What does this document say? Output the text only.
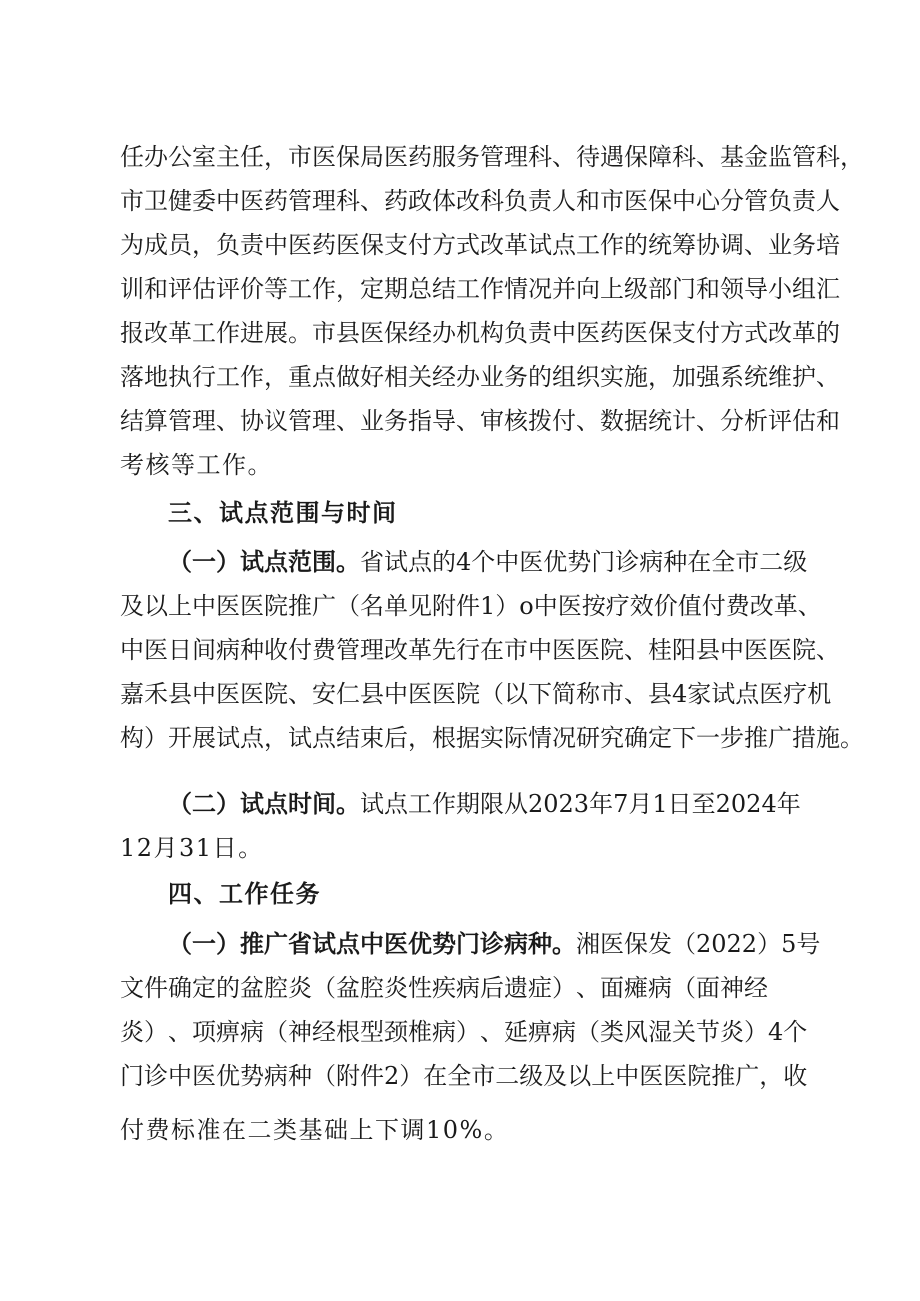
任 办 公 室 主 任 ， 市 医 保 局 医 药 服 务 管 理 科 、 待 遇 保 障 科 、 基 金 监 管 科 ，
市 卫 健 委 中 医 药 管 理 科 、 药 政 体 改 科 负 责 人 和 市 医 保 中 心 分 管 负 责 人
为 成 员 ， 负 责 中 医 药 医 保 支 付 方 式 改 革 试 点 工 作 的 统 筹 协 调 、 业 务 培
训 和 评 估 评 价 等 工 作 ， 定 期 总 结 工 作 情 况 并 向 上 级 部 门 和 领 导 小 组 汇
报 改 革 工 作 进 展 。 市 县 医 保 经 办 机 构 负 责 中 医 药 医 保 支 付 方 式 改 革 的
落 地 执 行 工 作 ， 重 点 做 好 相 关 经 办 业 务 的 组 织 实 施 ， 加 强 系 统 维 护 、
结 算 管 理 、 协 议 管 理 、 业 务 指 导 、 审 核 拨 付 、 数 据 统 计 、 分 析 评 估 和
考核等工作。
三、试点范围与时间
（一）试点范围。 省 试 点 的 4 个 中 医 优 势 门 诊 病 种 在 全 市 二 级
及 以 上 中 医 医 院 推 广 （ 名 单 见 附 件 1 ） o 中 医 按 疗 效 价 值 付 费 改 革 、
中 医 日 间 病 种 收 付 费 管 理 改 革 先 行 在 市 中 医 医 院 、 桂 阳 县 中 医 医 院 、
嘉 禾 县 中 医 医 院 、 安 仁 县 中 医 医 院 （ 以 下 简 称 市 、 县 4 家 试 点 医 疗 机
构 ） 开 展 试 点 ， 试 点 结 束 后 ， 根 据 实 际 情 况 研 究 确 定 下 一 步 推 广 措 施 。
（二）试点时间。 试 点 工 作 期 限 从 2023 年 7 月 1 日 至 2024 年
12月31日。
四、工作任务
（一）推广省试点中医优势门诊病种。 湘 医 保 发 （ 2022 ） 5 号
文 件 确 定 的 盆 腔 炎 （ 盆 腔 炎 性 疾 病 后 遗 症 ） 、 面 瘫 病 （ 面 神 经
炎 ） 、 项 痹 病 （ 神 经 根 型 颈 椎 病 ） 、 延 痹 病 （ 类 风 湿 关 节 炎 ） 4 个
门 诊 中 医 优 势 病 种 （ 附 件 2 ） 在 全 市 二 级 及 以 上 中 医 医 院 推 广 ， 收
付费标准在二类基础上下调10%。
